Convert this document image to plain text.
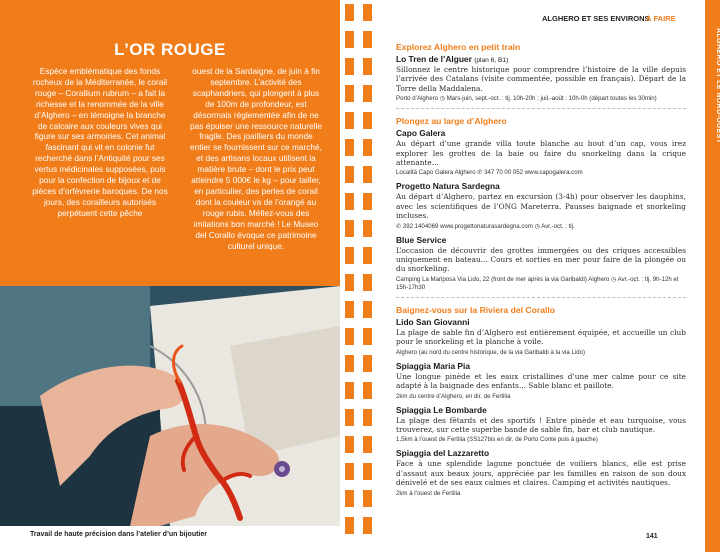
L’OR ROUGE

Espèce emblématique des fonds rocheux de la Méditerranée, le corail rouge – Corallium rubrum – a fait la richesse et la renommée de la ville d’Alghero – en témoigne la branche de calcaire aux couleurs vives qui figure sur ses armoiries. Cet animal fascinant qui vit en colonie fut recherché dans l’Antiquité pour ses vertus médicinales supposées, puis pour la confection de bijoux et de pièces d’orfèvrerie baroques. De nos jours, des corailleurs autorisés perpétuent cette pêche

ouest de la Sardaigne, de juin à fin septembre. L’activité des scaphandriers, qui plongent à plus de 100m de profondeur, est désormais réglementée afin de ne pas épuiser une ressource naturelle fragile. Des joailliers du monde entier se fournissent sur ce marché, et des artisans locaux utilisent la matière brute – dont le prix peut atteindre 5 000€ le kg – pour tailler, en particulier, des perles de corail dont la couleur va de l’orangé au rouge rubis. Méfiez-vous des imitations bon marché ! Le Museo del Corallo évoque ce patrimoine culturel unique.

Travail de haute précision dans l’atelier d’un bijoutier
ALGHERO ET SES ENVIRONS
À FAIRE
ALGHERO ET LE NORD-OUEST
Explorez Alghero en petit train
Lo Tren de l’Alguer (plan 6, B1)

Sillonnez le centre historique pour comprendre l’histoire de la ville depuis l’arrivée des Catalans (visite commentée, possible en français). Départ de la Torre della Maddalena.

Porto d’Alghero ◷ Mars-juin, sept.-oct. : tlj. 10h-20h ; juil.-août : 10h-0h (départ toutes les 30min)

Plongez au large d’Alghero
Capo Galera

Au départ d’une grande villa toute blanche au bout d’un cap, vous irez explorer les grottes de la baie ou faire du snorkeling dans la crique attenante...

Località Capo Galera Alghero ✆ 347 70 00 052 www.capogalera.com

Progetto Natura Sardegna

Au départ d’Alghero, partez en excursion (3-4h) pour observer les dauphins, avec les scientifiques de l’ONG Mareterra. Pausses baignade et snorkeling incluses.

✆ 392 1404069 www.progettonaturasardegna.com ◷ Avr.-oct. : tlj.

Blue Service

L’occasion de découvrir des grottes immergées ou des criques accessibles uniquement en bateau... Cours et sorties en mer pour faire de la plongée ou du snorkeling.

Camping La Mariposa Via Lido, 22 (front de mer après la via Garibaldi) Alghero ◷ Avr.-oct. : tlj. 9h-12h et 15h-17h30

Baignez-vous sur la Riviera del Corallo
Lido San Giovanni

La plage de sable fin d’Alghero est entièrement équipée, et accueille un club pour le snorkeling et la planche à voile.

Alghero (au nord du centre historique, de la via Garibaldi à la via Lido)

Spiaggia Maria Pia

Une longue pinède et les eaux cristallines d’une mer calme pour ce site adapté à la baignade des enfants... Sable blanc et paillote.

2km du centre d’Alghero, en dir. de Fertilia

Spiaggia Le Bombarde

La plage des fêtards et des sportifs ! Entre pinède et eau turquoise, vous trouverez, sur cette superbe bande de sable fin, bar et club nautique.

1,5km à l’ouest de Fertilia (SS127bis en dir. de Porto Conte puis à gauche)

Spiaggia del Lazzaretto

Face à une splendide lagune ponctuée de voiliers blancs, elle est prise d’assaut aux beaux jours, appréciée par les familles en raison de son doux dénivelé et de ses eaux calmes et claires. Camping et activités nautiques.

2km à l’ouest de Fertilia

141
